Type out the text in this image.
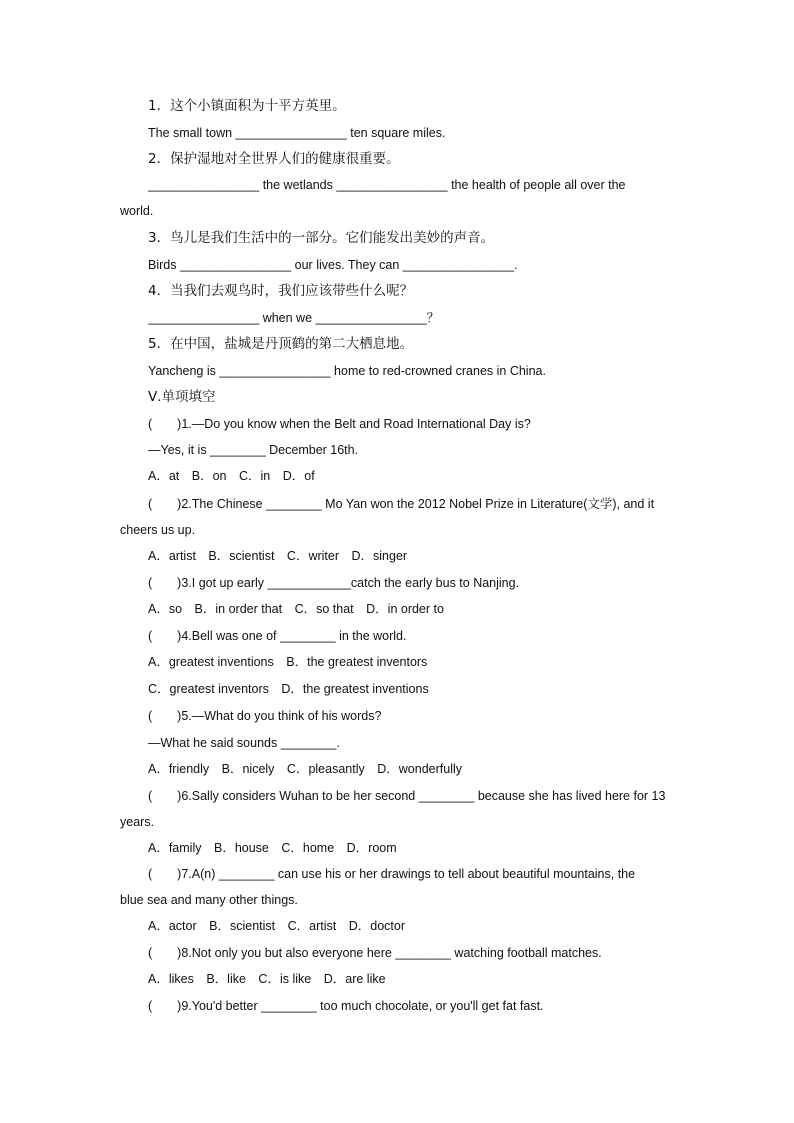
1．这个小镇面积为十平方英里。
The small town ________________ ten square miles.
2．保护湿地对全世界人们的健康很重要。
________________ the wetlands ________________ the health of people all over the
world.
3．鸟儿是我们生活中的一部分。它们能发出美妙的声音。
Birds ________________ our lives. They can ________________.
4．当我们去观鸟时，我们应该带些什么呢？
________________ when we ________________？
5．在中国，盐城是丹顶鹤的第二大栖息地。
Yancheng is ________________ home to red-crowned cranes in China.
Ⅴ.单项填空
(　　)1.—Do you know when the Belt and Road International Day is?
—Yes, it is ________ December 16th.
A．at　B．on　C．in　D．of
(　　)2.The Chinese ________ Mo Yan won the 2012 Nobel Prize in Literature(文学), and it
cheers us up.
A．artist　B．scientist　C．writer　D．singer
(　　)3.I got up early ____________catch the early bus to Nanjing.
A．so　B．in order that　C．so that　D．in order to
(　　)4.Bell was one of ________ in the world.
A．greatest inventions　B．the greatest inventors
C．greatest inventors　D．the greatest inventions
(　　)5.—What do you think of his words?
—What he said sounds ________.
A．friendly　B．nicely　C．pleasantly　D．wonderfully
(　　)6.Sally considers Wuhan to be her second ________ because she has lived here for 13
years.
A．family　B．house　C．home　D．room
(　　)7.A(n) ________ can use his or her drawings to tell about beautiful mountains, the
blue sea and many other things.
A．actor　B．scientist　C．artist　D．doctor
(　　)8.Not only you but also everyone here ________ watching football matches.
A．likes　B．like　C．is like　D．are like
(　　)9.You'd better ________ too much chocolate, or you'll get fat fast.
